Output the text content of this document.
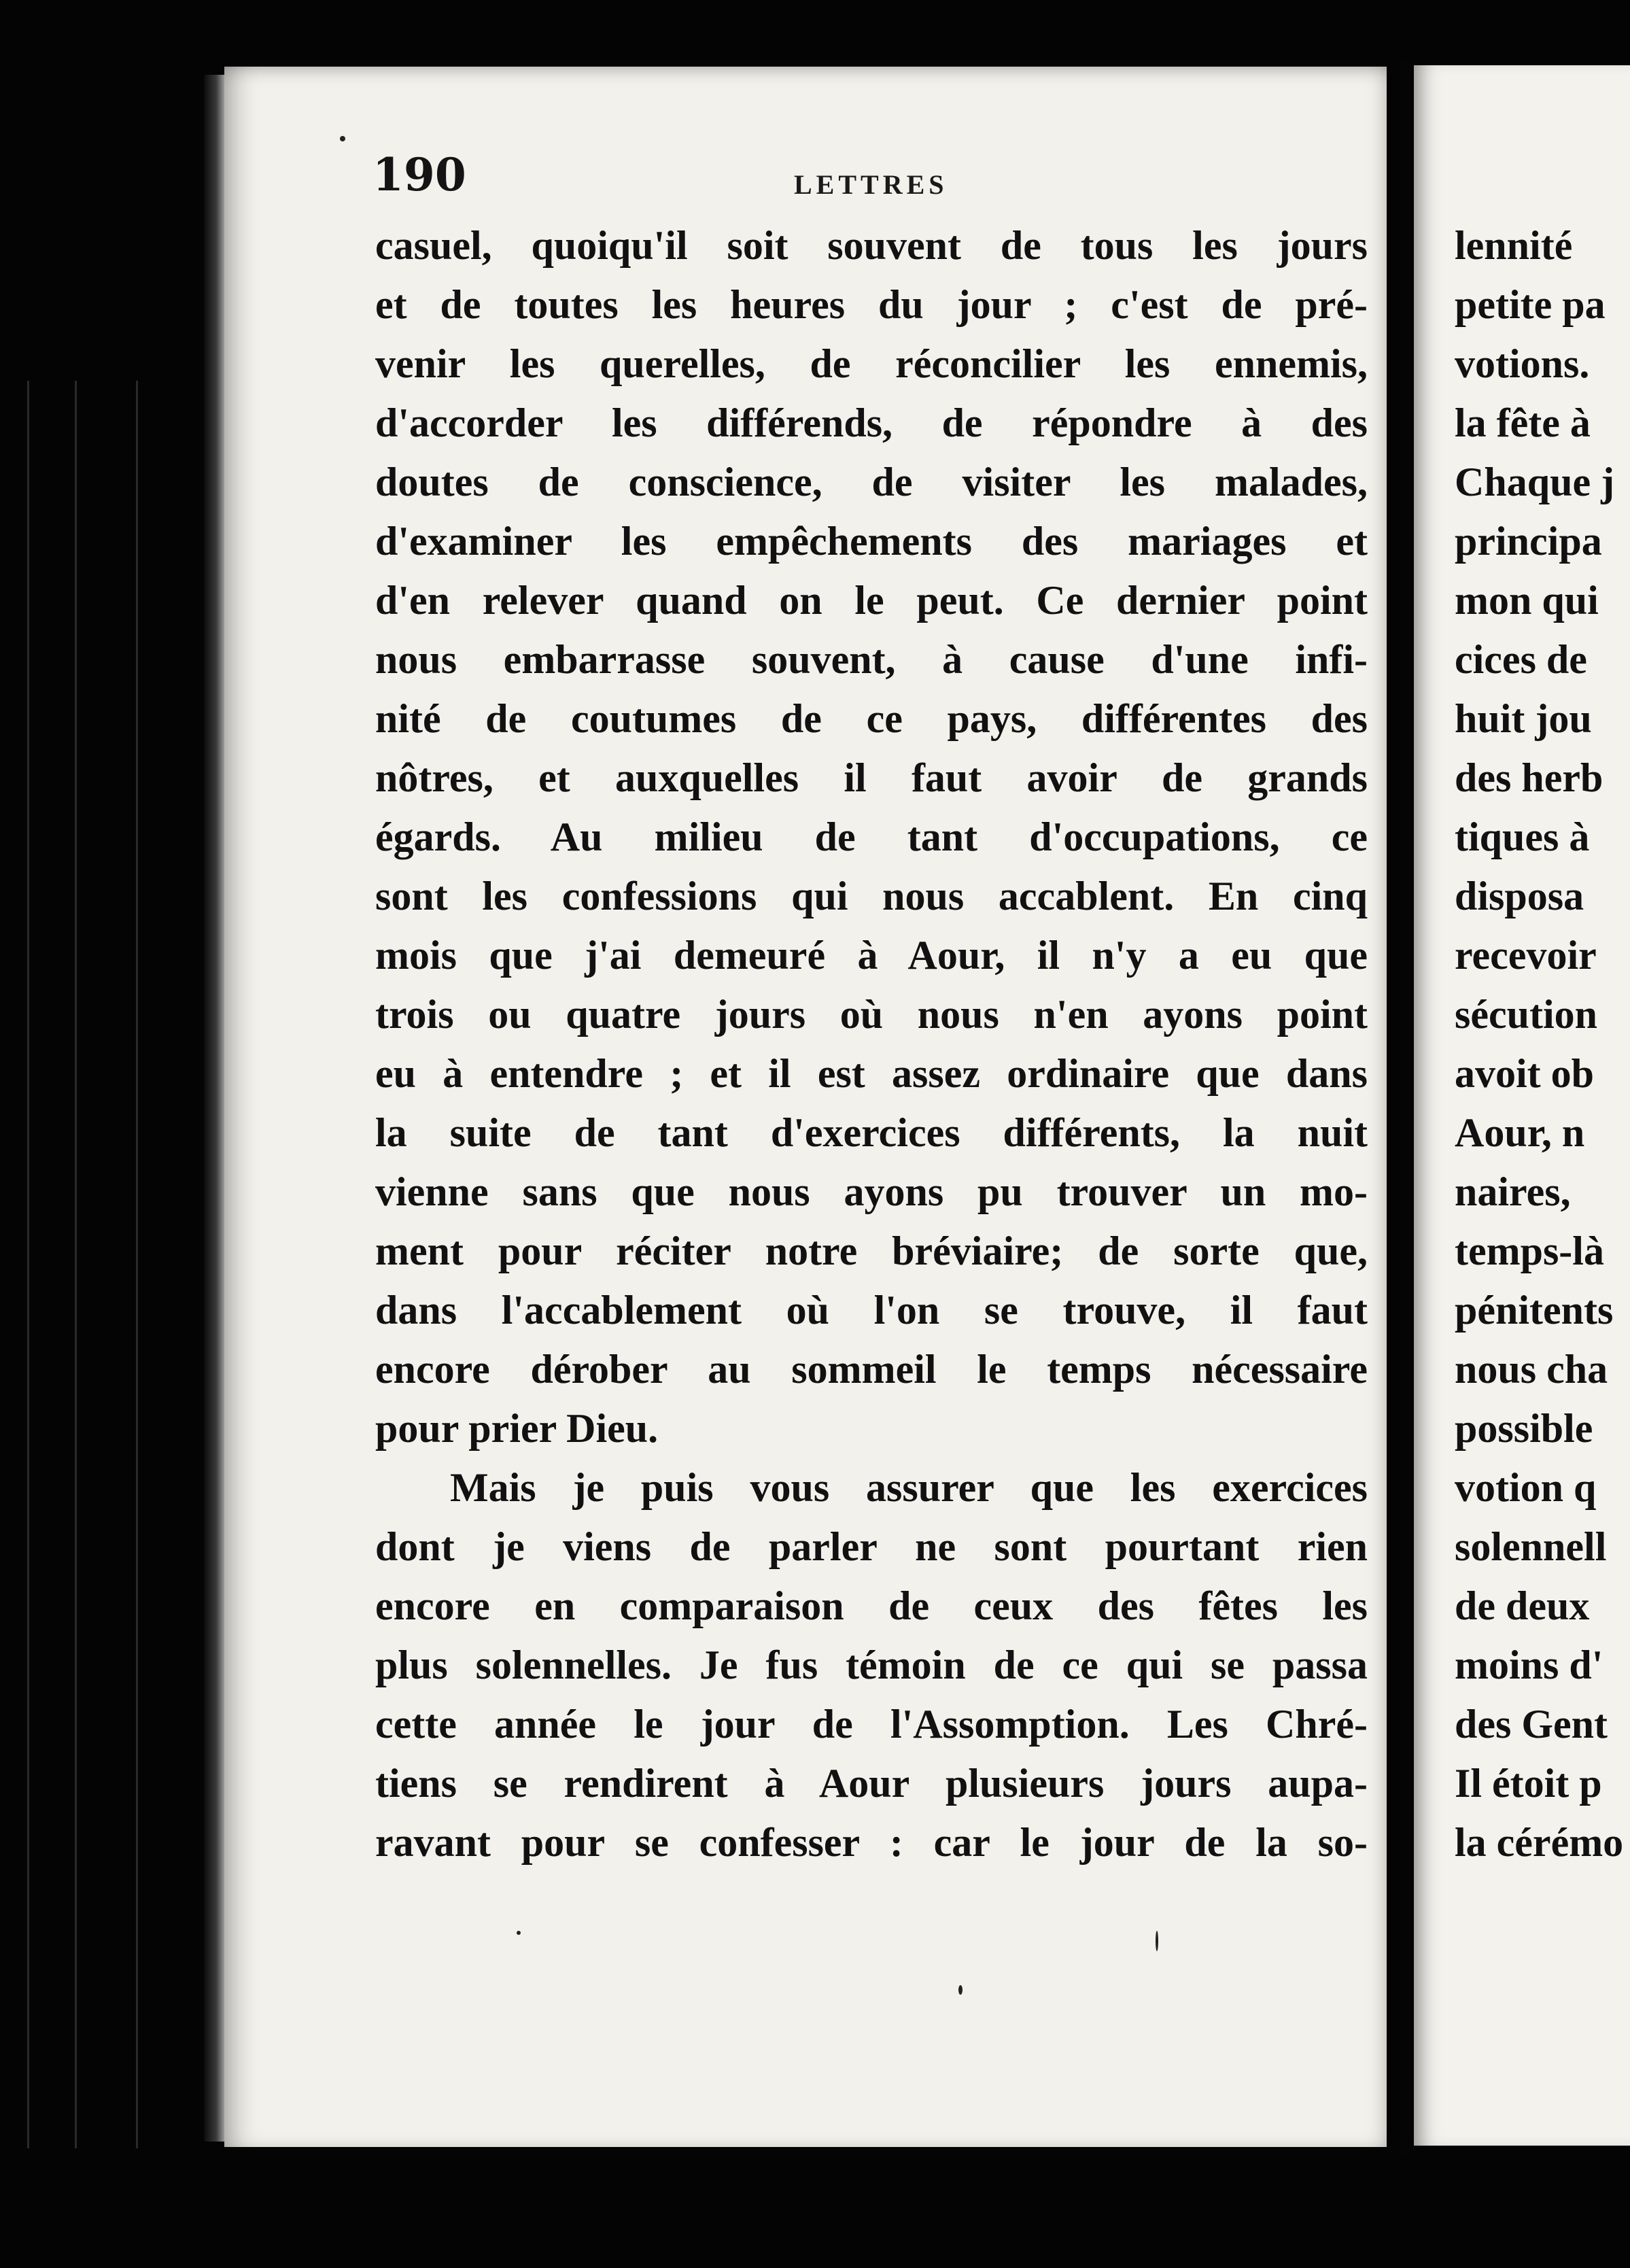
190	LETTRES
casuel, quoiqu'il soit souvent de tous les jours
et de toutes les heures du jour ; c'est de pré-
venir les querelles, de réconcilier les ennemis,
d'accorder les différends, de répondre à des
doutes de conscience, de visiter les malades,
d'examiner les empêchements des mariages et
d'en relever quand on le peut. Ce dernier point
nous embarrasse souvent, à cause d'une infi-
nité de coutumes de ce pays, différentes des
nôtres, et auxquelles il faut avoir de grands
égards. Au milieu de tant d'occupations, ce
sont les confessions qui nous accablent. En cinq
mois que j'ai demeuré à Aour, il n'y a eu que
trois ou quatre jours où nous n'en ayons point
eu à entendre ; et il est assez ordinaire que dans
la suite de tant d'exercices différents, la nuit
vienne sans que nous ayons pu trouver un mo-
ment pour réciter notre bréviaire; de sorte que,
dans l'accablement où l'on se trouve, il faut
encore dérober au sommeil le temps nécessaire
pour prier Dieu.
Mais je puis vous assurer que les exercices
dont je viens de parler ne sont pourtant rien
encore en comparaison de ceux des fêtes les
plus solennelles. Je fus témoin de ce qui se passa
cette année le jour de l'Assomption. Les Chré-
tiens se rendirent à Aour plusieurs jours aupa-
ravant pour se confesser : car le jour de la so-
lennité
petite pa
votions.
la fête à
Chaque j
principa
mon qui
cices de
huit jou
des herb
tiques à
disposa
recevoir
sécution
avoit ob
Aour, n
naires,
temps-là
pénitents
nous cha
possible
votion q
solennell
de deux
moins d'
des Gent
Il étoit p
la cérémo
